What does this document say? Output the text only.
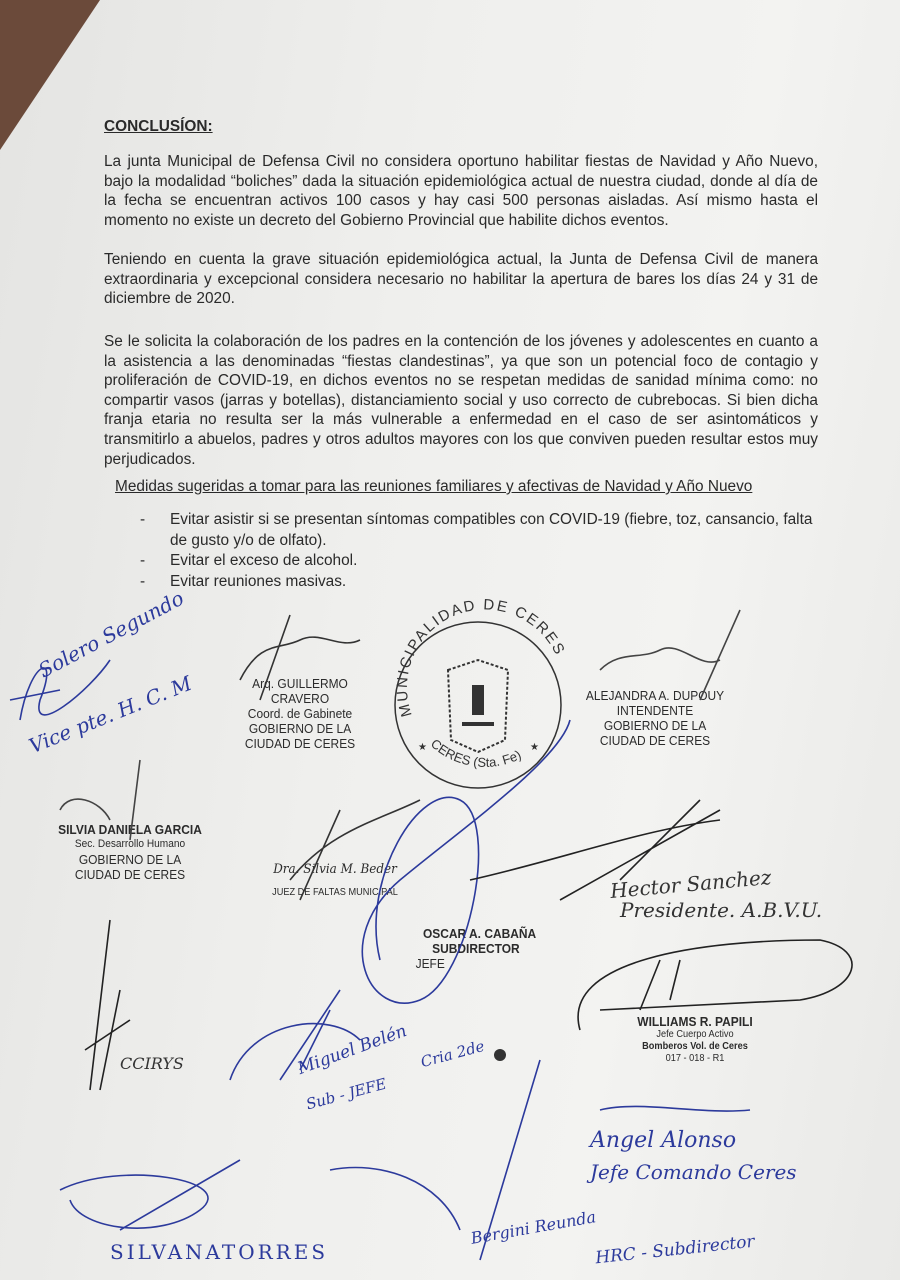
CONCLUSÍON:
La junta Municipal de Defensa Civil no considera oportuno habilitar fiestas de Navidad y Año Nuevo, bajo la modalidad “boliches” dada la situación epidemiológica actual de nuestra ciudad, donde al día de la fecha se encuentran activos 100 casos y hay casi 500 personas aisladas. Así mismo hasta el momento no existe un decreto del Gobierno Provincial que habilite dichos eventos.
Teniendo en cuenta la grave situación epidemiológica actual, la Junta de Defensa Civil de manera extraordinaria y excepcional considera necesario no habilitar la apertura de bares los días 24 y 31 de diciembre de 2020.
Se le solicita la colaboración de los padres en la contención de los jóvenes y adolescentes en cuanto a la asistencia a las denominadas “fiestas clandestinas”, ya que son un potencial foco de contagio y proliferación de COVID-19, en dichos eventos no se respetan medidas de sanidad mínima como: no compartir vasos (jarras y botellas), distanciamiento social y uso correcto de cubrebocas. Si bien dicha franja etaria no resulta ser la más vulnerable a enfermedad en el caso de ser asintomáticos y transmitirlo a abuelos, padres y otros adultos mayores con los que conviven pueden resultar estos muy perjudicados.
Medidas sugeridas a tomar para las reuniones familiares y afectivas de Navidad y Año Nuevo
- Evitar asistir si se presentan síntomas compatibles con COVID-19 (fiebre, toz, cansancio, falta de gusto y/o de olfato).
- Evitar el exceso de alcohol.
- Evitar reuniones masivas.
MUNICIPALIDAD DE CERES
CERES (Sta. Fe)
★	★
Arq. GUILLERMO CRAVERO
Coord. de Gabinete
GOBIERNO DE LA
CIUDAD DE CERES
ALEJANDRA A. DUPOUY
INTENDENTE
GOBIERNO DE LA
CIUDAD DE CERES
SILVIA DANIELA GARCIA
Sec. Desarrollo Humano
GOBIERNO DE LA
CIUDAD DE CERES	Dra. Silvia M. Beder
JUEZ DE FALTAS MUNICIPAL
OSCAR A. CABAÑA
SUBDIRECTOR
JEFE
WILLIAMS R. PAPILI
Jefe Cuerpo Activo
Bomberos Vol. de Ceres
017 - 018 - R1
Solero Segundo
Vice pte. H. C. M
Hector Sanchez
Presidente. A.B.V.U.
CCIRYS	Miguel Belén
Sub - JEFE
Cria 2de
Angel Alonso
Jefe Comando Ceres
SILVANATORRES
Bergini Reunda
HRC - Subdirector
